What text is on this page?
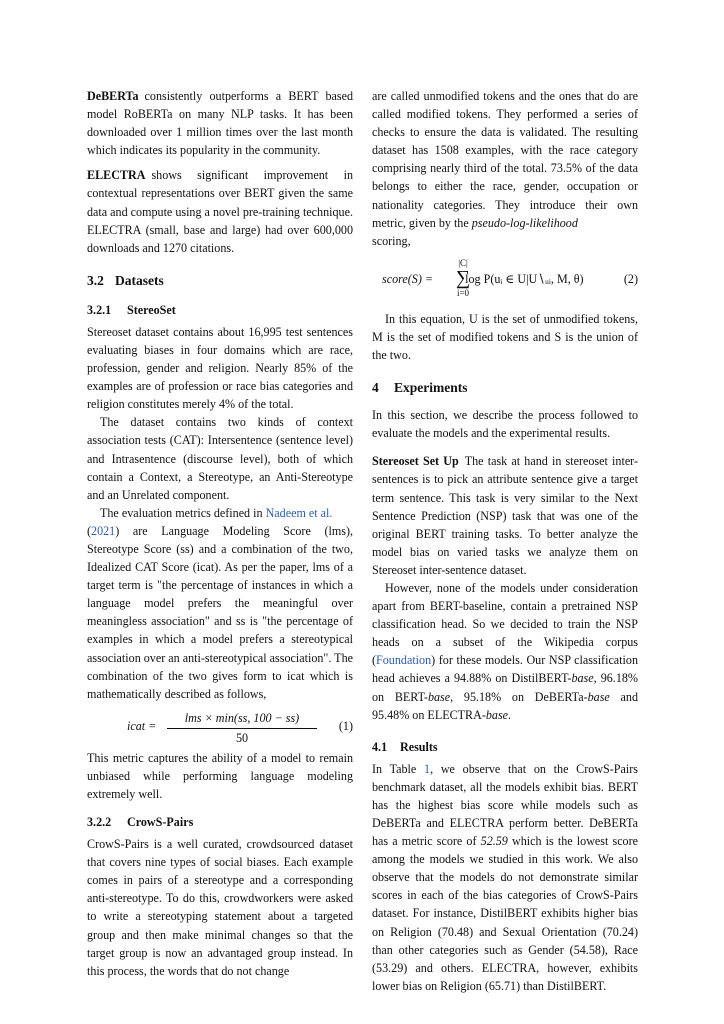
DeBERTa consistently outperforms a BERT based model RoBERTa on many NLP tasks. It has been downloaded over 1 million times over the last month which indicates its popularity in the community.

ELECTRA shows significant improvement in contextual representations over BERT given the same data and compute using a novel pre-training technique. ELECTRA (small, base and large) had over 600,000 downloads and 1270 citations.

3.2 Datasets
3.2.1 StereoSet

Stereoset dataset contains about 16,995 test sentences evaluating biases in four domains which are race, profession, gender and religion. Nearly 85% of the examples are of profession or race bias categories and religion constitutes merely 4% of the total.

The dataset contains two kinds of context association tests (CAT): Intersentence (sentence level) and Intrasentence (discourse level), both of which contain a Context, a Stereotype, an Anti-Stereotype and an Unrelated component.

The evaluation metrics defined in Nadeem et al.
(2021) are Language Modeling Score (lms), Stereotype Score (ss) and a combination of the two, Idealized CAT Score (icat). As per the paper, lms of a target term is "the percentage of instances in which a language model prefers the meaningful over meaningless association" and ss is "the percentage of examples in which a model prefers a stereotypical association over an anti-stereotypical association". The combination of the two gives form to icat which is mathematically described as follows,

icat =
lms × min(ss, 100 − ss)
50
(1)

This metric captures the ability of a model to remain unbiased while performing language modeling extremely well.

3.2.2 CrowS-Pairs

CrowS-Pairs is a well curated, crowdsourced dataset that covers nine types of social biases. Each example comes in pairs of a stereotype and a corresponding anti-stereotype. To do this, crowdworkers were asked to write a stereotyping statement about a targeted group and then make minimal changes so that the target group is now an advantaged group instead. In this process, the words that do not change

are called unmodified tokens and the ones that do are called modified tokens. They performed a series of checks to ensure the data is validated. The resulting dataset has 1508 examples, with the race category comprising nearly third of the total. 73.5% of the data belongs to either the race, gender, occupation or nationality categories. They introduce their own metric, given by the pseudo-log-likelihood
scoring,

score(S) =	log P(uᵢ ∈ U|U∖ᵤᵢ, M, θ)
|C|
∑
i=0
(2)

In this equation, U is the set of unmodified tokens, M is the set of modified tokens and S is the union of the two.

4 Experiments

In this section, we describe the process followed to evaluate the models and the experimental results.

Stereoset Set Up The task at hand in stereoset inter-sentences is to pick an attribute sentence give a target term sentence. This task is very similar to the Next Sentence Prediction (NSP) task that was one of the original BERT training tasks. To better analyze the model bias on varied tasks we analyze them on Stereoset inter-sentence dataset.

However, none of the models under consideration apart from BERT-baseline, contain a pretrained NSP classification head. So we decided to train the NSP heads on a subset of the Wikipedia corpus (Foundation) for these models. Our NSP classification head achieves a 94.88% on DistilBERT-base, 96.18% on BERT-base, 95.18% on DeBERTa-base and 95.48% on ELECTRA-base.

4.1 Results

In Table 1, we observe that on the CrowS-Pairs benchmark dataset, all the models exhibit bias. BERT has the highest bias score while models such as DeBERTa and ELECTRA perform better. DeBERTa has a metric score of 52.59 which is the lowest score among the models we studied in this work. We also observe that the models do not demonstrate similar scores in each of the bias categories of CrowS-Pairs dataset. For instance, DistilBERT exhibits higher bias on Religion (70.48) and Sexual Orientation (70.24) than other categories such as Gender (54.58), Race (53.29) and others. ELECTRA, however, exhibits lower bias on Religion (65.71) than DistilBERT.
